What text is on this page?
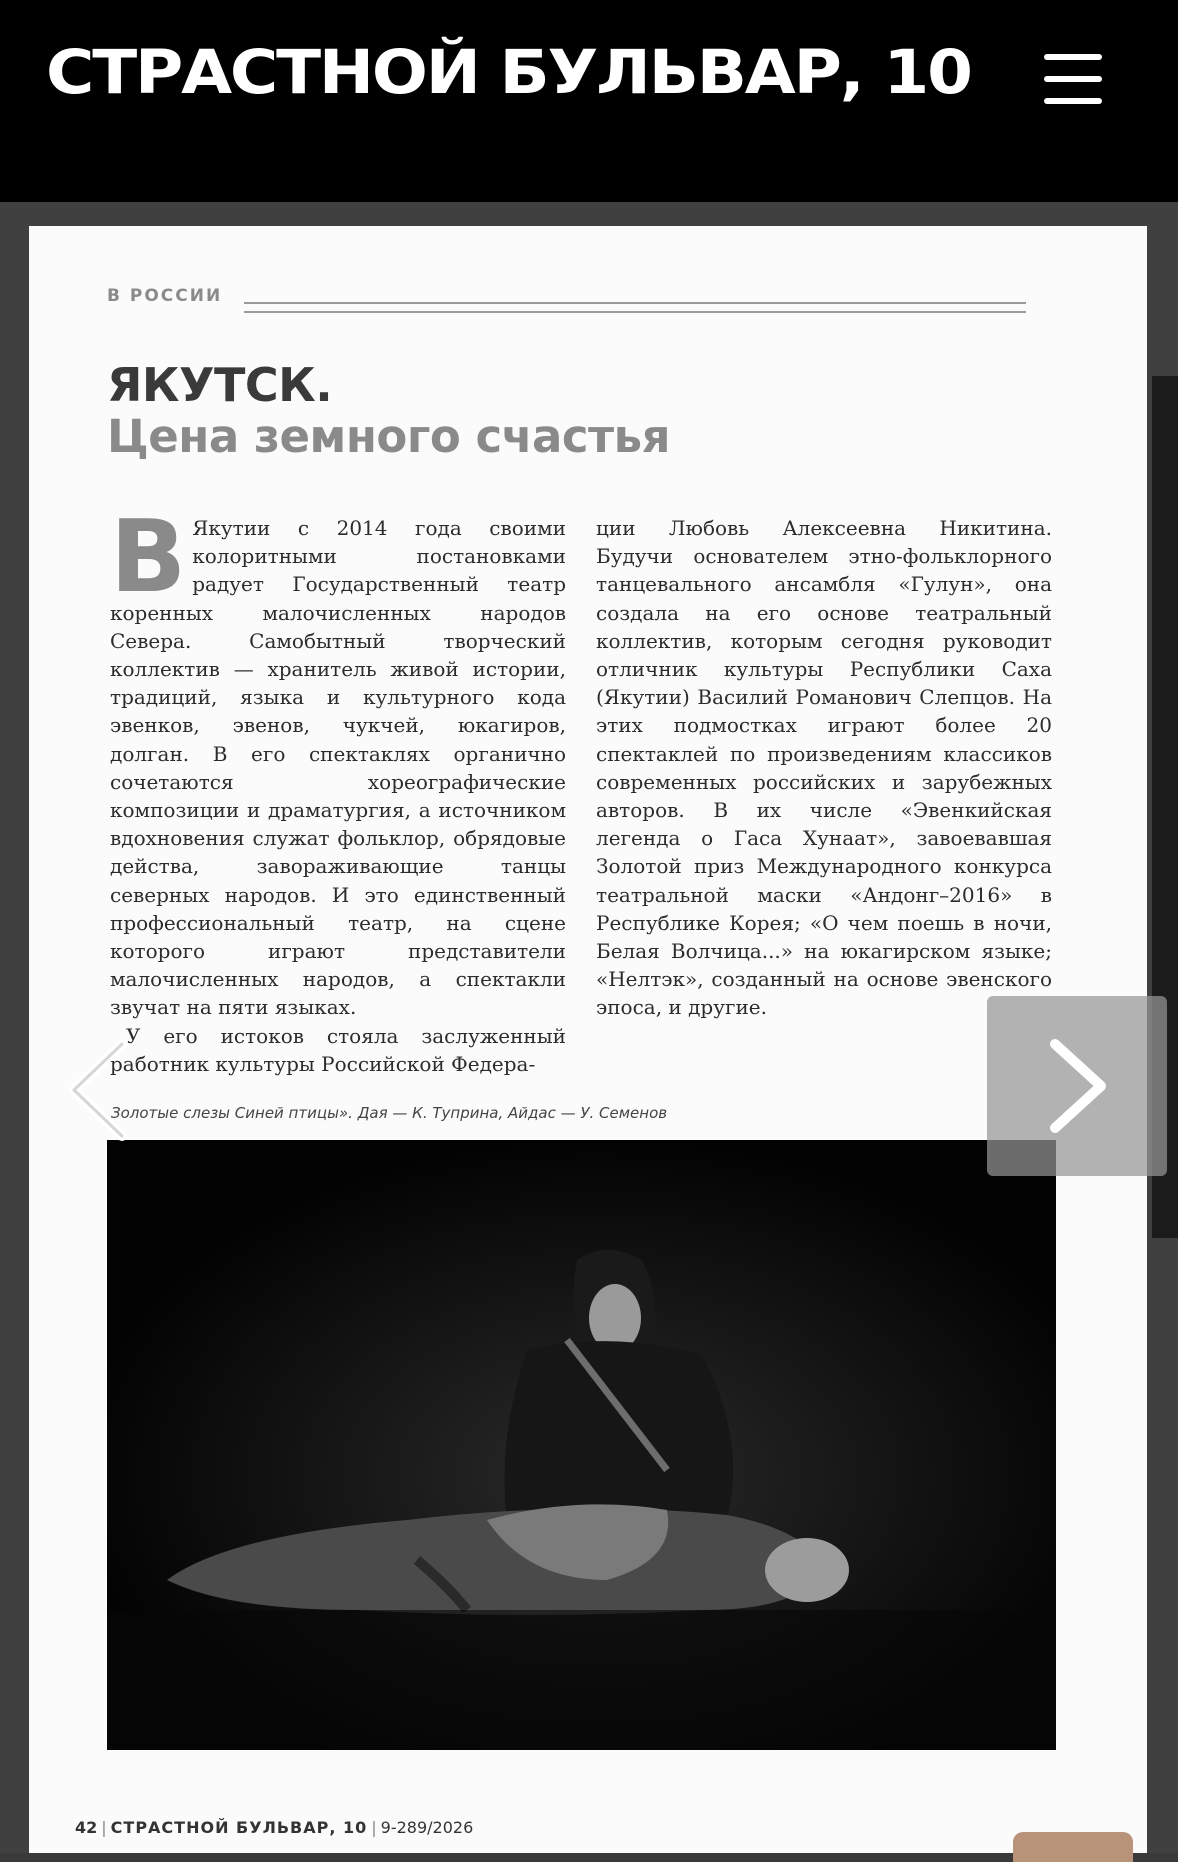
СТРАСТНОЙ БУЛЬВАР, 10
В РОССИИ
ЯКУТСК.
Цена земного счастья

В Якутии с 2014 года своими колоритными постановками радует Государственный театр коренных малочисленных народов Севера. Самобытный творческий коллектив — хранитель живой истории, традиций, языка и культурного кода эвенков, эвенов, чукчей, юкагиров, долган. В его спектаклях органично сочетаются хореографические композиции и драматургия, а источником вдохновения служат фольклор, обрядовые действа, завораживающие танцы северных народов. И это единственный профессиональный театр, на сцене которого играют представители малочисленных народов, а спектакли звучат на пяти языках.

У его истоков стояла заслуженный работник культуры Российской Федера-

ции Любовь Алексеевна Никитина. Будучи основателем этно-фольклорного танцевального ансамбля «Гулун», она создала на его основе театральный коллектив, которым сегодня руководит отличник культуры Республики Саха (Якутии) Василий Романович Слепцов. На этих подмостках играют более 20 спектаклей по произведениям классиков современных российских и зарубежных авторов. В их числе «Эвенкийская легенда о Гаса Хунаат», завоевавшая Золотой приз Международного конкурса театральной маски «Андонг–2016» в Республике Корея; «О чем поешь в ночи, Белая Волчица...» на юкагирском языке; «Нелтэк», созданный на основе эвенского эпоса, и другие.

Золотые слезы Синей птицы». Дая — К. Туприна, Айдас — У. Семенов
42 | СТРАСТНОЙ БУЛЬВАР, 10 | 9-289/2026
